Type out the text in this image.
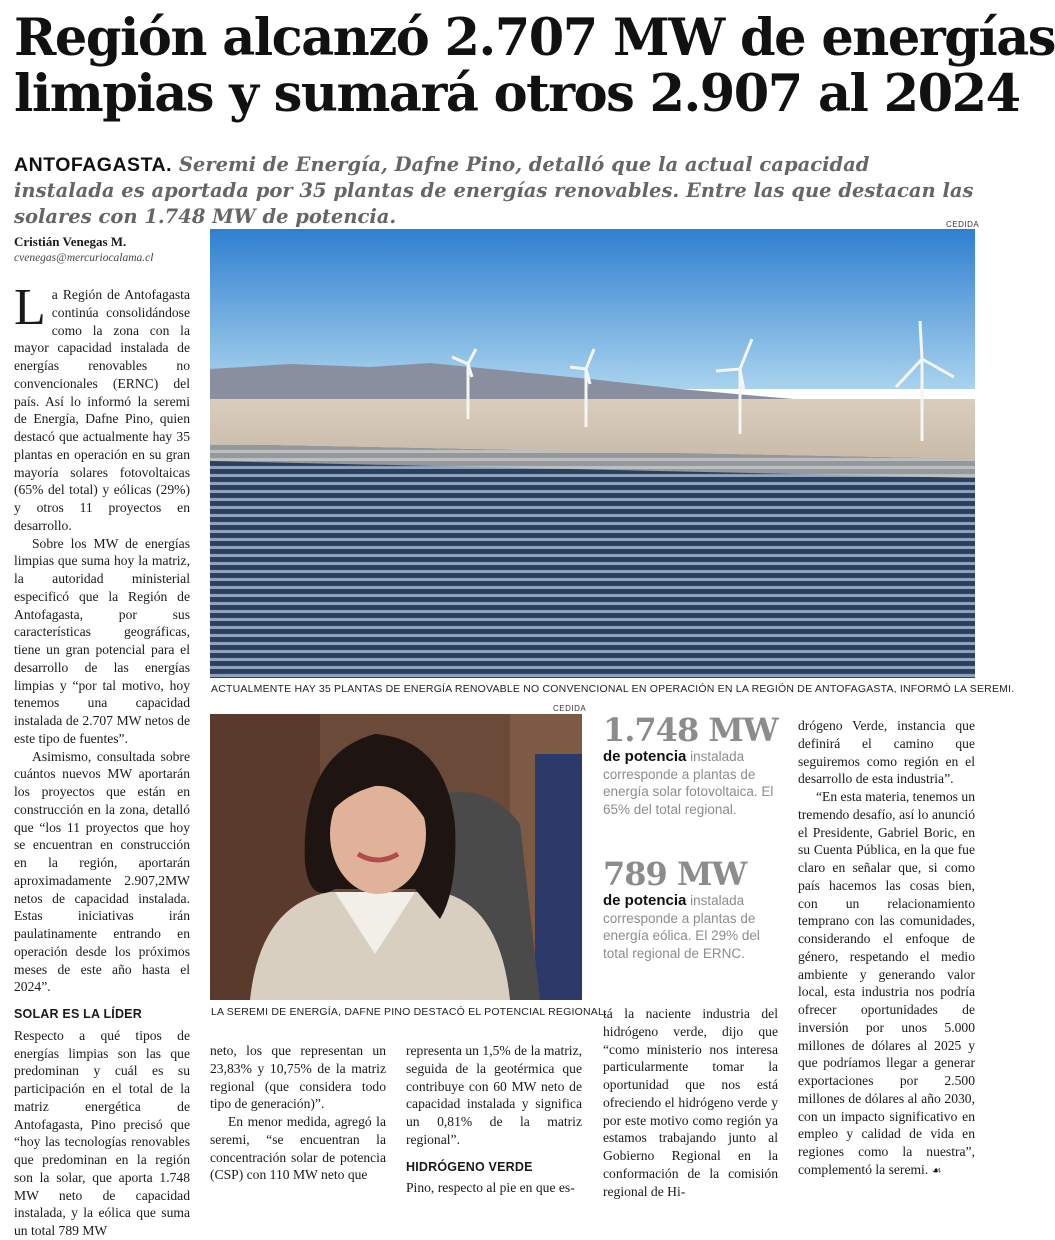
Región alcanzó 2.707 MW de energías
limpias y sumará otros 2.907 al 2024
ANTOFAGASTA. Seremi de Energía, Dafne Pino, detalló que la actual capacidad instalada es aportada por 35 plantas de energías renovables. Entre las que destacan las solares con 1.748 MW de potencia.
Cristián Venegas M.
cvenegas@mercuriocalama.cl
CEDIDA
ACTUALMENTE HAY 35 PLANTAS DE ENERGÍA RENOVABLE NO CONVENCIONAL EN OPERACIÓN EN LA REGIÓN DE ANTOFAGASTA, INFORMÓ LA SEREMI.
CEDIDA
LA SEREMI DE ENERGÍA, DAFNE PINO DESTACÓ EL POTENCIAL REGIONAL.

La Región de Antofagasta continúa consolidándose como la zona con la mayor capacidad instalada de energías renovables no convencionales (ERNC) del país. Así lo informó la seremi de Energía, Dafne Pino, quien destacó que actualmente hay 35 plantas en operación en su gran mayoría solares fotovoltaicas (65% del total) y eólicas (29%) y otros 11 proyectos en desarrollo.

Sobre los MW de energías limpias que suma hoy la matriz, la autoridad ministerial especificó que la Región de Antofagasta, por sus características geográficas, tiene un gran potencial para el desarrollo de las energías limpias y “por tal motivo, hoy tenemos una capacidad instalada de 2.707 MW netos de este tipo de fuentes”.

Asimismo, consultada sobre cuántos nuevos MW aportarán los proyectos que están en construcción en la zona, detalló que “los 11 proyectos que hoy se encuentran en construcción en la región, aportarán aproximadamente 2.907,2MW netos de capacidad instalada. Estas iniciativas irán paulatinamente entrando en operación desde los próximos meses de este año hasta el 2024”.

SOLAR ES LA LÍDER

Respecto a qué tipos de energías limpias son las que predominan y cuál es su participación en el total de la matriz energética de Antofagasta, Pino precisó que “hoy las tecnologías renovables que predominan en la región son la solar, que aporta 1.748 MW neto de capacidad instalada, y la eólica que suma un total 789 MW

neto, los que representan un 23,83% y 10,75% de la matriz regional (que considera todo tipo de generación)”.

En menor medida, agregó la seremi, “se encuentran la concentración solar de potencia (CSP) con 110 MW neto que

representa un 1,5% de la matriz, seguida de la geotérmica que contribuye con 60 MW neto de capacidad instalada y significa un 0,81% de la matriz regional”.

HIDRÓGENO VERDE

Pino, respecto al pie en que es-

1.748 MW
de potencia instalada corresponde a plantas de energía solar fotovoltaica. El 65% del total regional.
789 MW
de potencia instalada corresponde a plantas de energía eólica. El 29% del total regional de ERNC.

tá la naciente industria del hidrógeno verde, dijo que “como ministerio nos interesa particularmente tomar la oportunidad que nos está ofreciendo el hidrógeno verde y por este motivo como región ya estamos trabajando junto al Gobierno Regional en la conformación de la comisión regional de Hi-

drógeno Verde, instancia que definirá el camino que seguiremos como región en el desarrollo de esta industria”.

“En esta materia, tenemos un tremendo desafío, así lo anunció el Presidente, Gabriel Boric, en su Cuenta Pública, en la que fue claro en señalar que, si como país hacemos las cosas bien, con un relacionamiento temprano con las comunidades, considerando el enfoque de género, respetando el medio ambiente y generando valor local, esta industria nos podría ofrecer oportunidades de inversión por unos 5.000 millones de dólares al 2025 y que podríamos llegar a generar exportaciones por 2.500 millones de dólares al año 2030, con un impacto significativo en empleo y calidad de vida en regiones como la nuestra”, complementó la seremi. ☙
